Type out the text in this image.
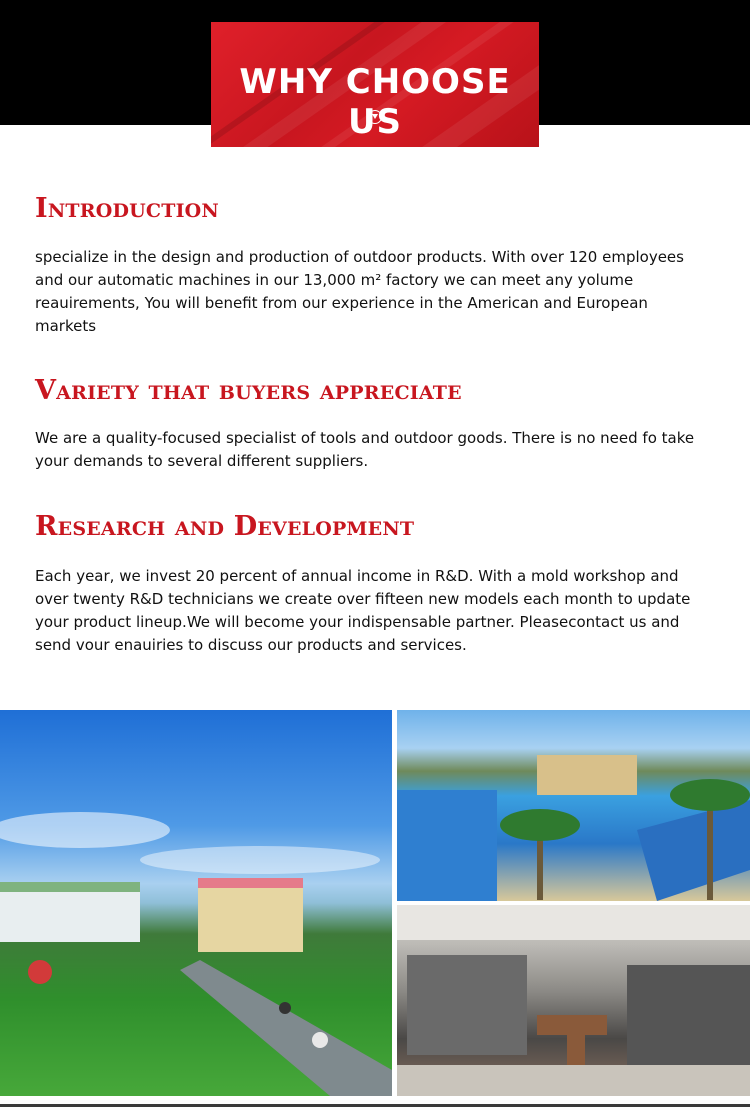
WHY CHOOSE US
Introduction
specialize in the design and production of outdoor products. With over 120 employees and our automatic machines in our 13,000 m² factory we can meet any yolume reauirements, You will benefit from our experience in the American and European markets
Variety that buyers appreciate
We are a quality-focused specialist of tools and outdoor goods. There is no need fo take your demands to several different suppliers.
Research and Development
Each year, we invest 20 percent of annual income in R&D. With a mold workshop and over twenty R&D technicians we create over fifteen new models each month to update your product lineup.We will become your indispensable partner. Pleasecontact us and send vour enauiries to discuss our products and services.
